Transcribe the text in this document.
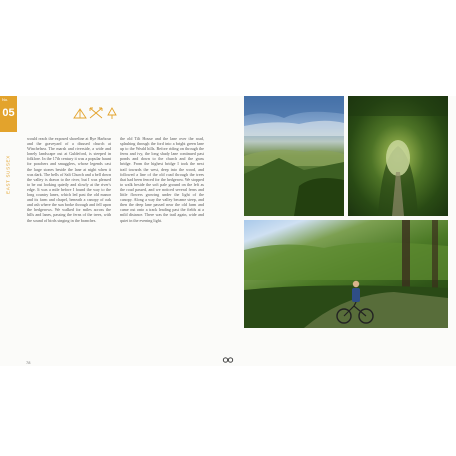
No.
05
EAST SUSSEX

would reach the exposed shoreline at Rye Harbour and the graveyard of a disused church at Winchelsea. The marsh and riverside, a wide and lonely landscape out at Guldeford, is steeped in folklore. In the 17th century it was a popular haunt for poachers and smugglers, whose legends cast the large stones beside the lane at night when it was dark. The bells of Salt Church and a bell down the valley is drawn to the river, but I was pleased to be out looking quietly and slowly at the river's edge. It was a mile before I found the way to the long country lanes, which led past the old manor and its farm and chapel, beneath a canopy of oak and ash where the sun broke through and fell upon the hedgerows. We walked for miles across the hills and lanes, passing the ferns of the trees, with the sound of birds singing in the branches.

the old Tilt House and the lane over the road, splashing through the ford into a bright green lane up to the Weald hills. Before riding on through the ferns and ivy, the long shady lane continued past ponds and down to the church and the grass bridge. From the highest bridge I took the next trail towards the west, deep into the wood, and followed a line of the old road through the trees that had been fenced for the hedgerow. We stopped to walk beside the soft pale ground on the left as the road passed, and we noticed several ferns and little flowers growing under the light of the canopy. Along a way the valley became steep, and then the deep lane passed near the old farm and came out onto a track leading past the fields at a mild distance. There was the trail again, wide and quiet in the evening light.

78
